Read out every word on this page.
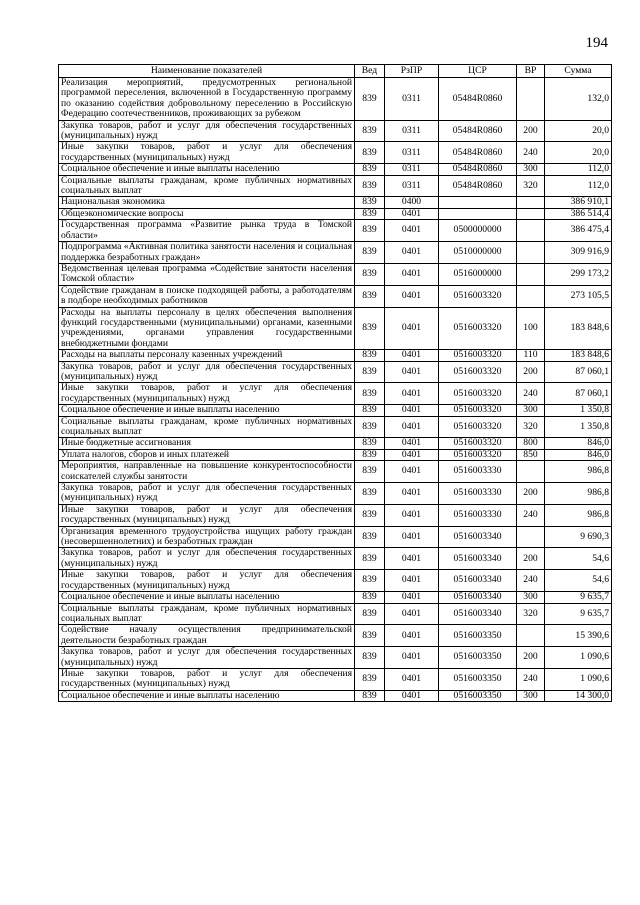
194
Наименование показателей	Вед	РзПР	ЦСР	ВР	Сумма
Реализация мероприятий, предусмотренных региональной программой переселения, включенной в Государственную программу по оказанию содействия добровольному переселению в Российскую Федерацию соотечественников, проживающих за рубежом	839	0311	05484R0860		132,0
Закупка товаров, работ и услуг для обеспечения государственных (муниципальных) нужд	839	0311	05484R0860	200	20,0
Иные закупки товаров, работ и услуг для обеспечения государственных (муниципальных) нужд	839	0311	05484R0860	240	20,0
Социальное обеспечение и иные выплаты населению	839	0311	05484R0860	300	112,0
Социальные выплаты гражданам, кроме публичных нормативных социальных выплат	839	0311	05484R0860	320	112,0
Национальная экономика	839	0400			386 910,1
Общеэкономические вопросы	839	0401			386 514,4
Государственная программа «Развитие рынка труда в Томской области»	839	0401	0500000000		386 475,4
Подпрограмма «Активная политика занятости населения и социальная поддержка безработных граждан»	839	0401	0510000000		309 916,9
Ведомственная целевая программа «Содействие занятости населения Томской области»	839	0401	0516000000		299 173,2
Содействие гражданам в поиске подходящей работы, а работодателям в подборе необходимых работников	839	0401	0516003320		273 105,5
Расходы на выплаты персоналу в целях обеспечения выполнения функций государственными (муниципальными) органами, казенными учреждениями, органами управления государственными внебюджетными фондами	839	0401	0516003320	100	183 848,6
Расходы на выплаты персоналу казенных учреждений	839	0401	0516003320	110	183 848,6
Закупка товаров, работ и услуг для обеспечения государственных (муниципальных) нужд	839	0401	0516003320	200	87 060,1
Иные закупки товаров, работ и услуг для обеспечения государственных (муниципальных) нужд	839	0401	0516003320	240	87 060,1
Социальное обеспечение и иные выплаты населению	839	0401	0516003320	300	1 350,8
Социальные выплаты гражданам, кроме публичных нормативных социальных выплат	839	0401	0516003320	320	1 350,8
Иные бюджетные ассигнования	839	0401	0516003320	800	846,0
Уплата налогов, сборов и иных платежей	839	0401	0516003320	850	846,0
Мероприятия, направленные на повышение конкурентоспособности соискателей службы занятости	839	0401	0516003330		986,8
Закупка товаров, работ и услуг для обеспечения государственных (муниципальных) нужд	839	0401	0516003330	200	986,8
Иные закупки товаров, работ и услуг для обеспечения государственных (муниципальных) нужд	839	0401	0516003330	240	986,8
Организация временного трудоустройства ищущих работу граждан (несовершеннолетних) и безработных граждан	839	0401	0516003340		9 690,3
Закупка товаров, работ и услуг для обеспечения государственных (муниципальных) нужд	839	0401	0516003340	200	54,6
Иные закупки товаров, работ и услуг для обеспечения государственных (муниципальных) нужд	839	0401	0516003340	240	54,6
Социальное обеспечение и иные выплаты населению	839	0401	0516003340	300	9 635,7
Социальные выплаты гражданам, кроме публичных нормативных социальных выплат	839	0401	0516003340	320	9 635,7
Содействие началу осуществления предпринимательской деятельности безработных граждан	839	0401	0516003350		15 390,6
Закупка товаров, работ и услуг для обеспечения государственных (муниципальных) нужд	839	0401	0516003350	200	1 090,6
Иные закупки товаров, работ и услуг для обеспечения государственных (муниципальных) нужд	839	0401	0516003350	240	1 090,6
Социальное обеспечение и иные выплаты населению	839	0401	0516003350	300	14 300,0
